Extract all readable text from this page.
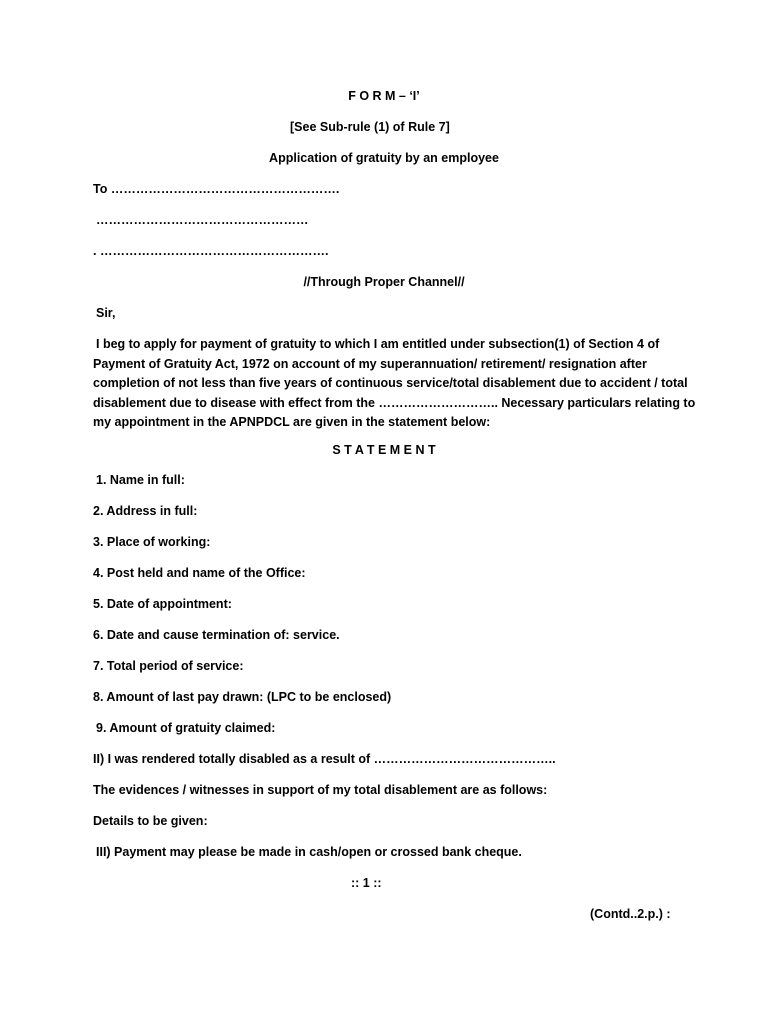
F O R M – ‘I’
[See Sub-rule (1) of Rule 7]
Application of gratuity by an employee
To ……………………………………………….
……………………………………………
. ……………………………………………….
//Through Proper Channel//
Sir,
I beg to apply for payment of gratuity to which I am entitled under subsection(1) of Section 4 of
Payment of Gratuity Act, 1972 on account of my superannuation/ retirement/ resignation after
completion of not less than five years of continuous service/total disablement due to accident / total
disablement due to disease with effect from the ……………………….. Necessary particulars relating to
my appointment in the APNPDCL are given in the statement below:
S T A T E M E N T
1. Name in full:
2. Address in full:
3. Place of working:
4. Post held and name of the Office:
5. Date of appointment:
6. Date and cause termination of: service.
7. Total period of service:
8. Amount of last pay drawn: (LPC to be enclosed)
9. Amount of gratuity claimed:
II) I was rendered totally disabled as a result of ……………………………………..
The evidences / witnesses in support of my total disablement are as follows:
Details to be given:
III) Payment may please be made in cash/open or crossed bank cheque.
:: 1 ::
(Contd..2.p.) :
